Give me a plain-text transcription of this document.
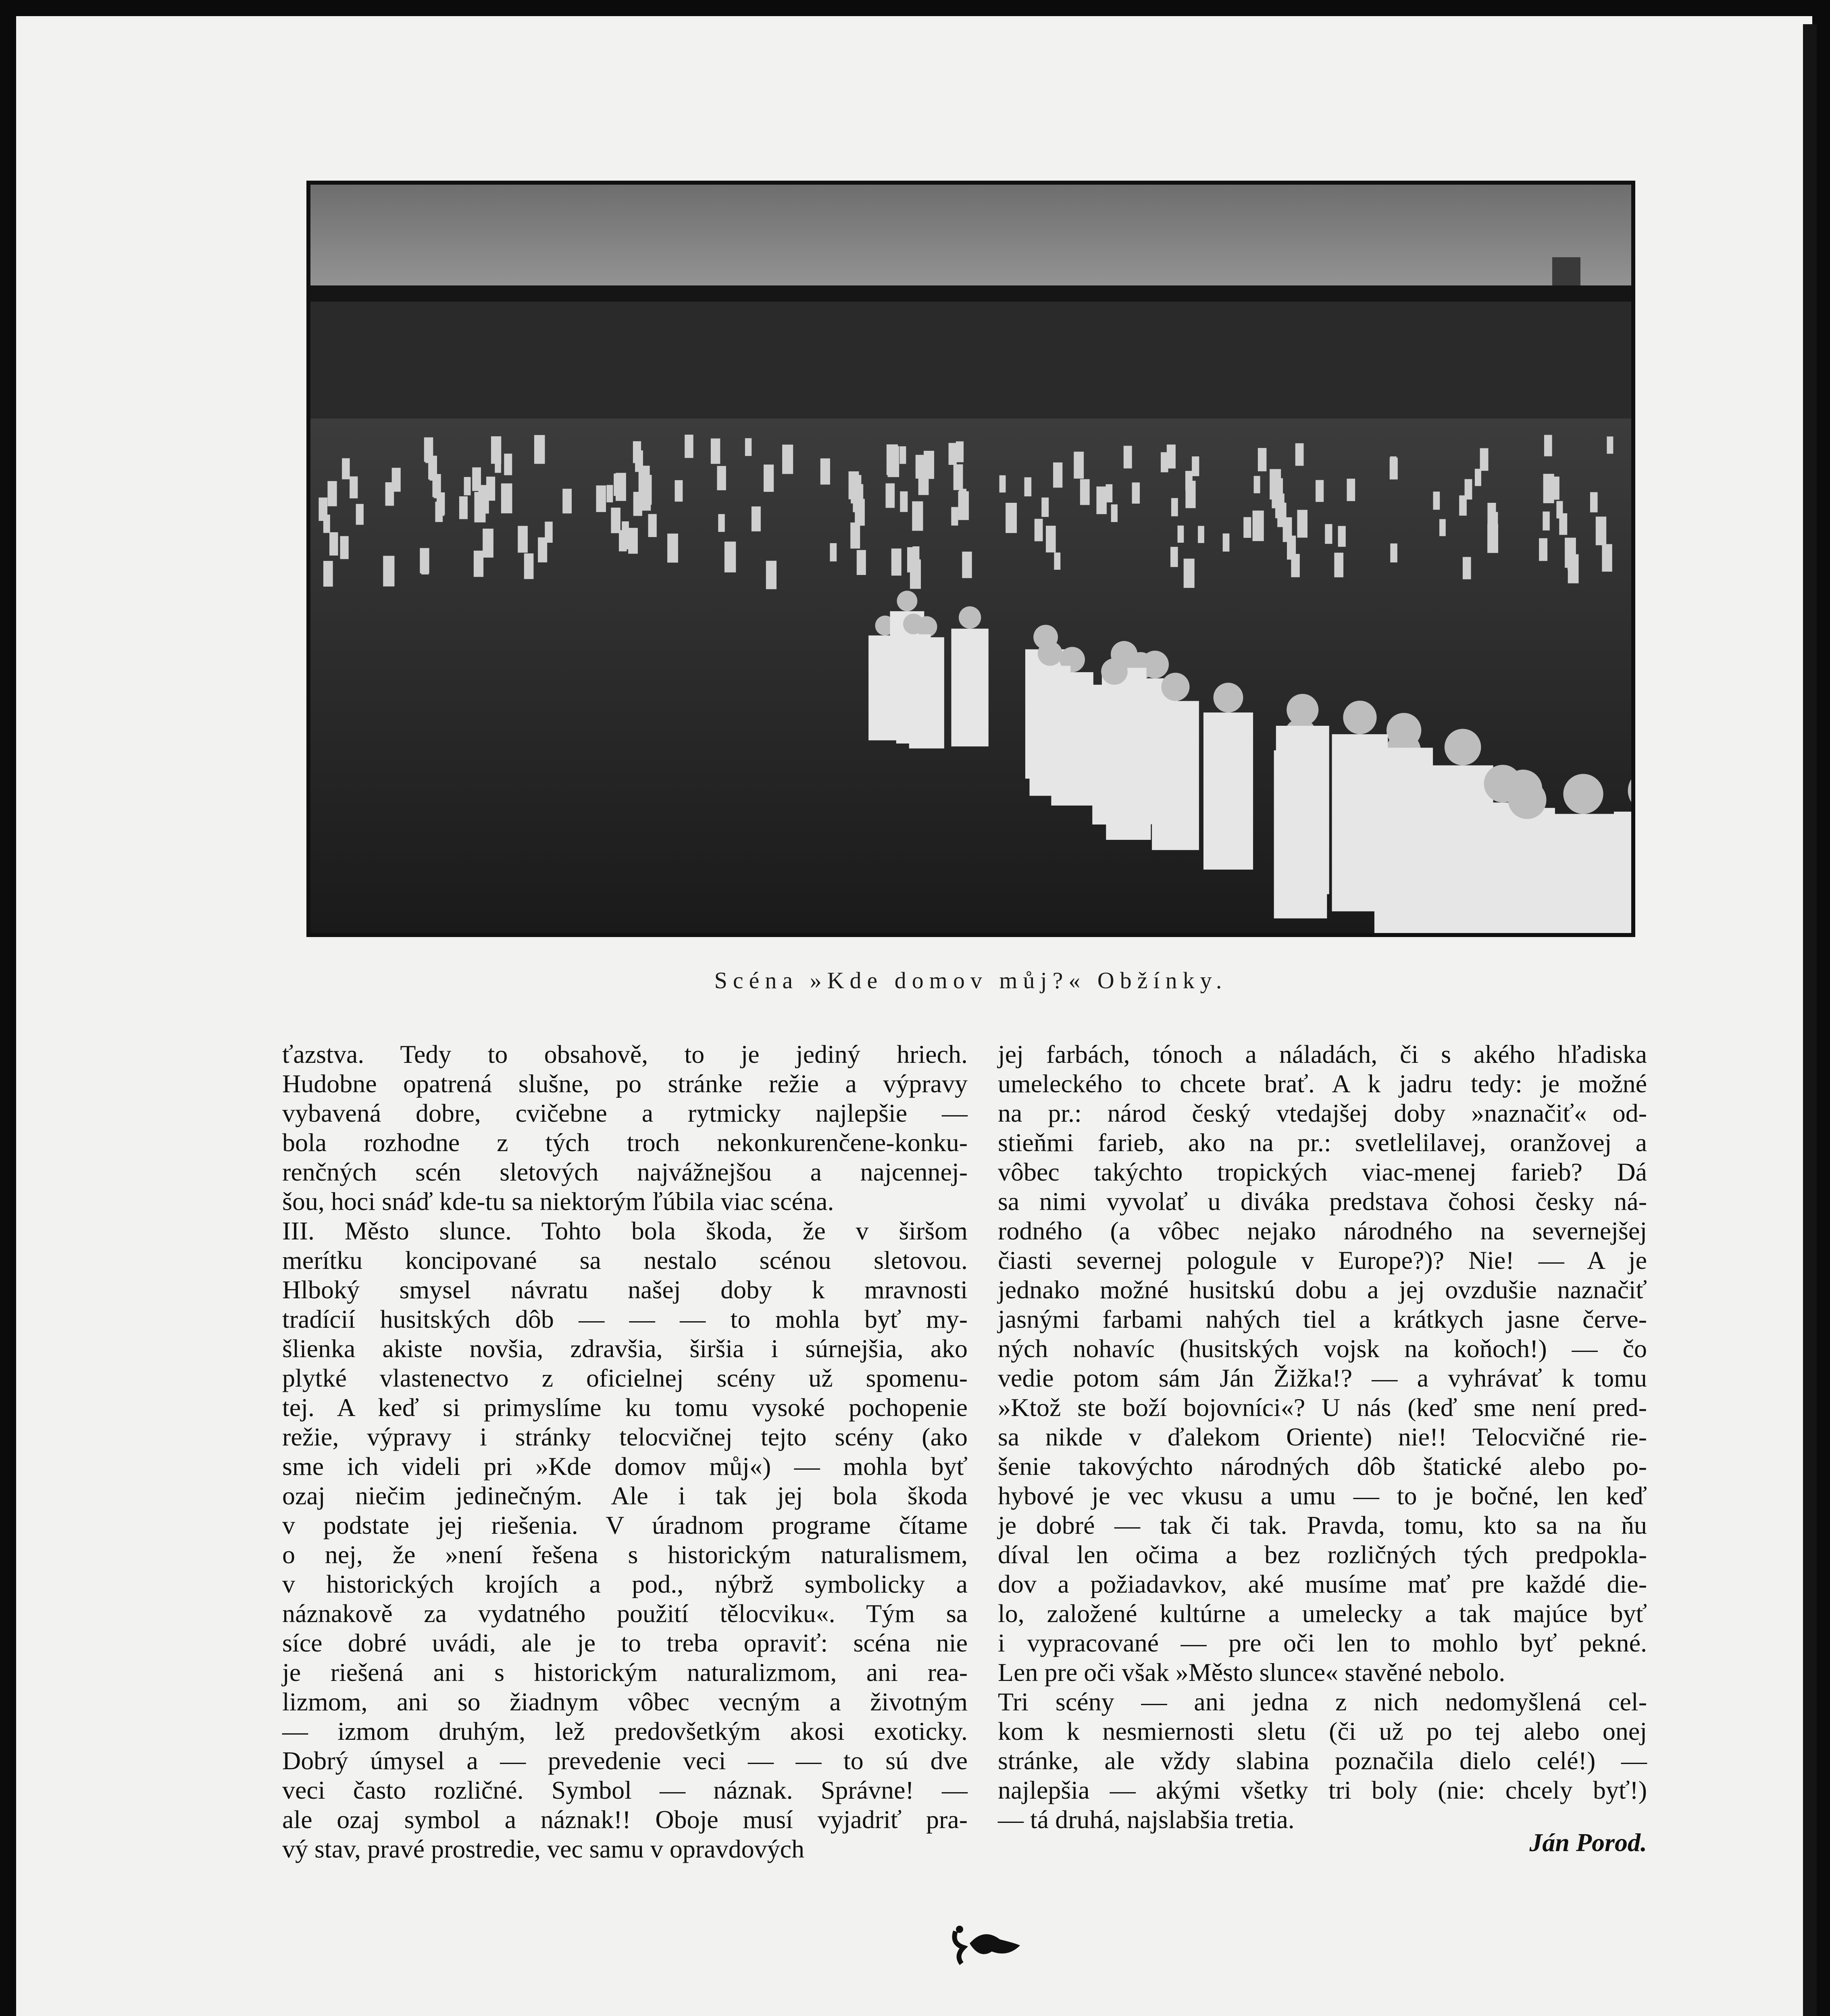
Scéna »Kde domov můj?« Obžínky.

ťazstva. Tedy to obsahově, to je jediný hriech.

Hudobne opatrená slušne, po stránke režie a výpravy

vybavená dobre, cvičebne a rytmicky najlepšie —

bola rozhodne z tých troch nekonkurenčene-konku-

renčných scén sletových najvážnejšou a najcennej-

šou, hoci snáď kde-tu sa niektorým ľúbila viac scéna.

III. Město slunce. Tohto bola škoda, že v širšom

merítku koncipované sa nestalo scénou sletovou.

Hlboký smysel návratu našej doby k mravnosti

tradícií husitských dôb — — — to mohla byť my-

šlienka akiste novšia, zdravšia, širšia i súrnejšia, ako

plytké vlastenectvo z oficielnej scény už spomenu-

tej. A keď si primyslíme ku tomu vysoké pochopenie

režie, výpravy i stránky telocvičnej tejto scény (ako

sme ich videli pri »Kde domov můj«) — mohla byť

ozaj niečim jedinečným. Ale i tak jej bola škoda

v podstate jej riešenia. V úradnom programe čítame

o nej, že »není řešena s historickým naturalismem,

v historických krojích a pod., nýbrž symbolicky a

náznakově za vydatného použití tělocviku«. Tým sa

síce dobré uvádi, ale je to treba opraviť: scéna nie

je riešená ani s historickým naturalizmom, ani rea-

lizmom, ani so žiadnym vôbec vecným a životným

— izmom druhým, lež predovšetkým akosi exoticky.

Dobrý úmysel a — prevedenie veci — — to sú dve

veci často rozličné. Symbol — náznak. Správne! —

ale ozaj symbol a náznak!! Oboje musí vyjadriť pra-

vý stav, pravé prostredie, vec samu v opravdových

jej farbách, tónoch a náladách, či s akého hľadiska

umeleckého to chcete brať. A k jadru tedy: je možné

na pr.: národ český vtedajšej doby »naznačiť« od-

stieňmi farieb, ako na pr.: svetlelilavej, oranžovej a

vôbec takýchto tropických viac-menej farieb? Dá

sa nimi vyvolať u diváka predstava čohosi česky ná-

rodného (a vôbec nejako národného na severnejšej

čiasti severnej pologule v Europe?)? Nie! — A je

jednako možné husitskú dobu a jej ovzdušie naznačiť

jasnými farbami nahých tiel a krátkych jasne červe-

ných nohavíc (husitských vojsk na koňoch!) — čo

vedie potom sám Ján Žižka!? — a vyhrávať k tomu

»Ktož ste boží bojovníci«? U nás (keď sme není pred-

sa nikde v ďalekom Oriente) nie!! Telocvičné rie-

šenie takovýchto národných dôb štatické alebo po-

hybové je vec vkusu a umu — to je bočné, len keď

je dobré — tak či tak. Pravda, tomu, kto sa na ňu

díval len očima a bez rozličných tých predpokla-

dov a požiadavkov, aké musíme mať pre každé die-

lo, založené kultúrne a umelecky a tak majúce byť

i vypracované — pre oči len to mohlo byť pekné.

Len pre oči však »Město slunce« stavěné nebolo.

Tri scény — ani jedna z nich nedomyšlená cel-

kom k nesmiernosti sletu (či už po tej alebo onej

stránke, ale vždy slabina poznačila dielo celé!) —

najlepšia — akými všetky tri boly (nie: chcely byť!)

— tá druhá, najslabšia tretia.

Ján Porod.
